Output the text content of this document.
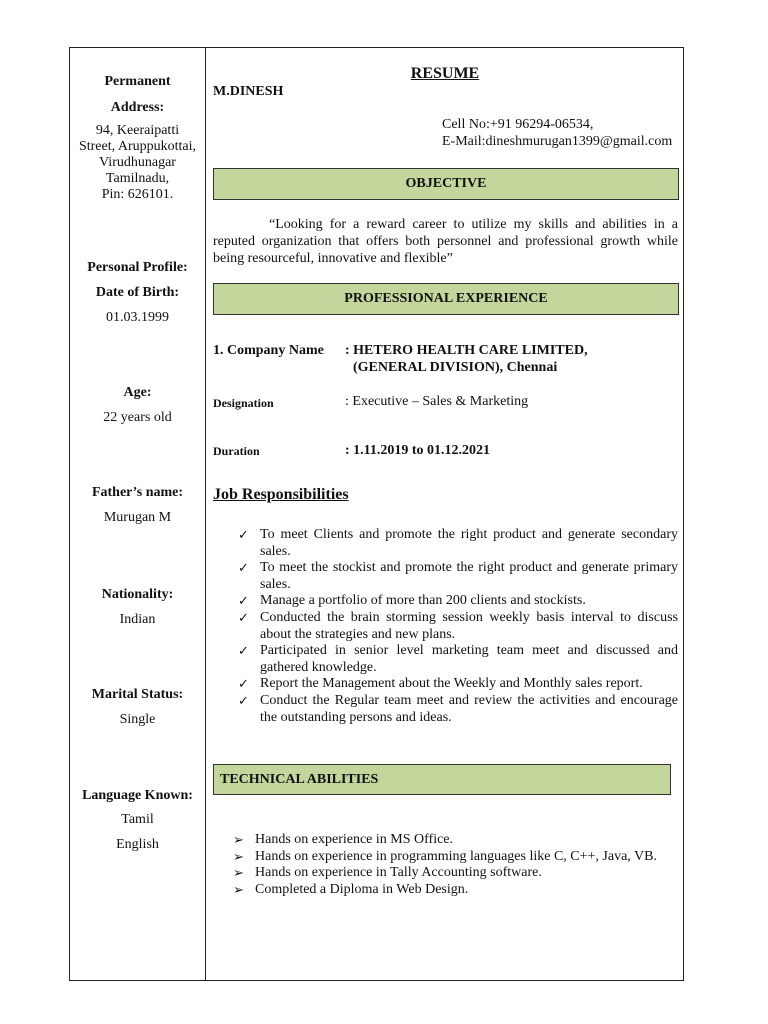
Permanent
Address:
94, Keeraipatti
Street, Aruppukottai,
Virudhunagar
Tamilnadu,
Pin: 626101.
Personal Profile:
Date of Birth:
01.03.1999
Age:
22 years old
Father’s name:
Murugan M
Nationality:
Indian
Marital Status:
Single
Language Known:
Tamil
English
RESUME
M.DINESH
Cell No:+91 96294-06534,
E-Mail:dineshmurugan1399@gmail.com
OBJECTIVE
“Looking for a reward career to utilize my skills and abilities in a reputed organization that offers both personnel and professional growth while being resourceful, innovative and flexible”
PROFESSIONAL EXPERIENCE
1. Company Name : HETERO HEALTH CARE LIMITED,
(GENERAL DIVISION), Chennai
Designation	: Executive – Sales & Marketing
Duration	: 1.11.2019 to 01.12.2021
Job Responsibilities
✓ To meet Clients and promote the right product and generate secondary sales.
✓ To meet the stockist and promote the right product and generate primary sales.
✓ Manage a portfolio of more than 200 clients and stockists.
✓ Conducted the brain storming session weekly basis interval to discuss about the strategies and new plans.
✓ Participated in senior level marketing team meet and discussed and gathered knowledge.
✓ Report the Management about the Weekly and Monthly sales report.
✓ Conduct the Regular team meet and review the activities and encourage the outstanding persons and ideas.
TECHNICAL ABILITIES
➢ Hands on experience in MS Office.
➢ Hands on experience in programming languages like C, C++, Java, VB.
➢ Hands on experience in Tally Accounting software.
➢ Completed a Diploma in Web Design.
